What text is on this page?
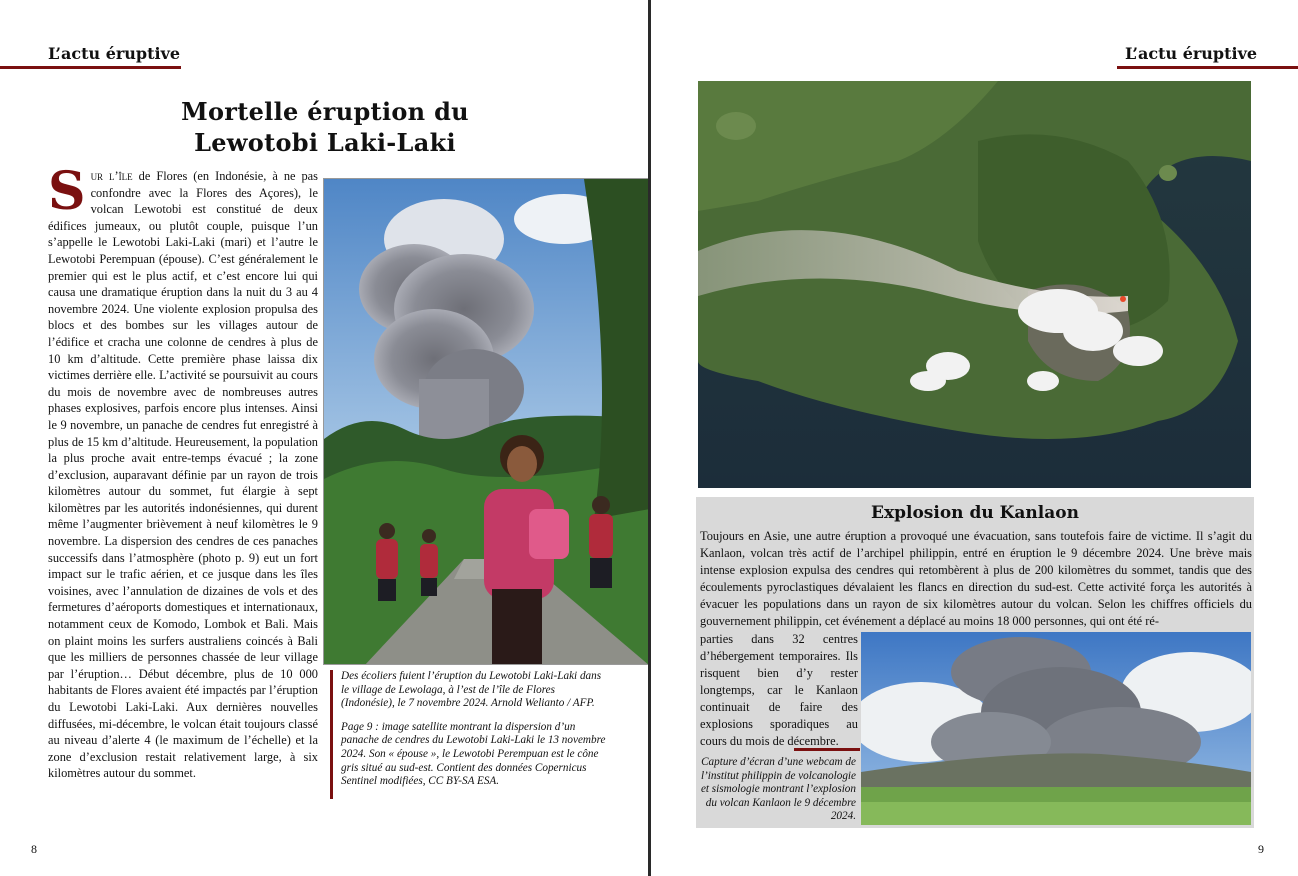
L’actu éruptive
Mortelle éruption du
Lewotobi Laki-Laki
Sur l’île de Flores (en Indonésie, à ne pas confondre avec la Flores des Açores), le volcan Lewotobi est constitué de deux édifices jumeaux, ou plutôt couple, puisque l’un s’appelle le Lewotobi Laki-Laki (mari) et l’autre le Lewotobi Perempuan (épouse). C’est généralement le premier qui est le plus actif, et c’est encore lui qui causa une dramatique éruption dans la nuit du 3 au 4 novembre 2024. Une violente explosion propulsa des blocs et des bombes sur les villages autour de l’édifice et cracha une colonne de cendres à plus de 10 km d’altitude. Cette première phase laissa dix victimes derrière elle. L’activité se poursuivit au cours du mois de novembre avec de nombreuses autres phases explosives, parfois encore plus intenses. Ainsi le 9 novembre, un panache de cendres fut enregistré à plus de 15 km d’altitude. Heureusement, la population la plus proche avait entre-temps évacué ; la zone d’exclusion, auparavant définie par un rayon de trois kilomètres autour du sommet, fut élargie à sept kilomètres par les autorités indonésiennes, qui durent même l’augmenter brièvement à neuf kilomètres le 9 novembre. La dispersion des cendres de ces panaches successifs dans l’atmosphère (photo p. 9) eut un fort impact sur le trafic aérien, et ce jusque dans les îles voisines, avec l’annulation de dizaines de vols et des fermetures d’aéroports domestiques et internationaux, notamment ceux de Komodo, Lombok et Bali. Mais on plaint moins les surfers australiens coincés à Bali que les milliers de personnes chassée de leur village par l’éruption… Début décembre, plus de 10 000 habitants de Flores avaient été impactés par l’éruption du Lewotobi Laki-Laki. Aux dernières nouvelles diffusées, mi-décembre, le volcan était toujours classé au niveau d’alerte 4 (le maximum de l’échelle) et la zone d’exclusion restait relativement large, à six kilomètres autour du sommet.

Des écoliers fuient l’éruption du Lewotobi Laki-Laki dans le village de Lewolaga, à l’est de l’île de Flores (Indonésie), le 7 novembre 2024. Arnold Welianto / AFP.

Page 9 : image satellite montrant la dispersion d’un panache de cendres du Lewotobi Laki-Laki le 13 novembre 2024. Son « épouse », le Lewotobi Perempuan est le cône gris situé au sud-est. Contient des données Copernicus Sentinel modifiées, CC BY-SA ESA.

8
L’actu éruptive
9
Explosion du Kanlaon
Toujours en Asie, une autre éruption a provoqué une évacuation, sans toutefois faire de victime. Il s’agit du Kanlaon, volcan très actif de l’archipel philippin, entré en éruption le 9 décembre 2024. Une brève mais intense explosion expulsa des cendres qui retombèrent à plus de 200 kilomètres du sommet, tandis que des écoulements pyroclastiques dévalaient les flancs en direction du sud-est. Cette activité força les autorités à évacuer les populations dans un rayon de six kilomètres autour du volcan. Selon les chiffres officiels du gouvernement philippin, cet événement a déplacé au moins 18 000 personnes, qui ont été ré-
parties dans 32 centres d’hébergement temporaires. Ils risquent bien d’y rester longtemps, car le Kanlaon continuait de faire des explosions sporadiques au cours du mois de décembre.
Capture d’écran d’une webcam de l’institut philippin de volcanologie et sismologie montrant l’explosion du volcan Kanlaon le 9 décembre 2024.
